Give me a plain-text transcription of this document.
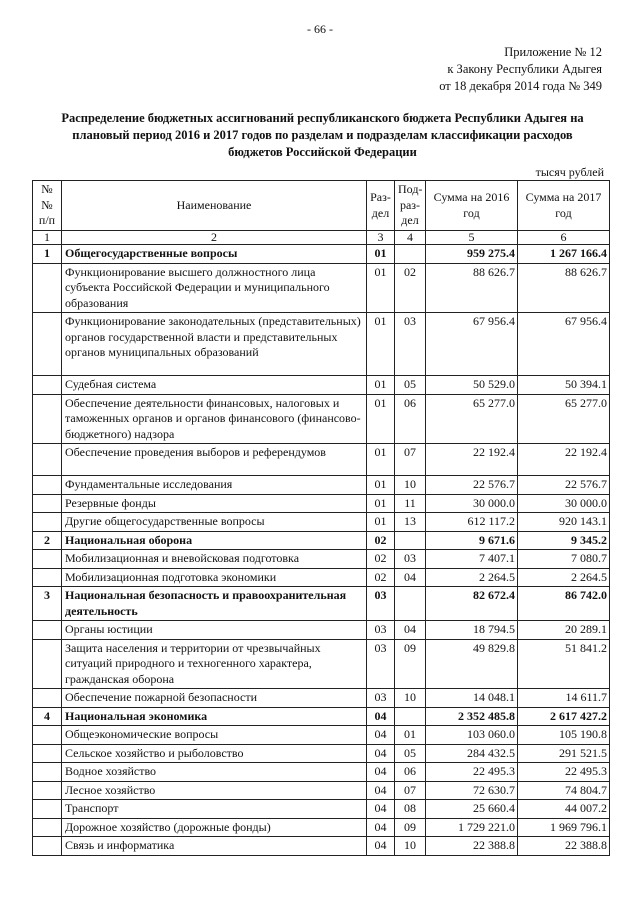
- 66 -
Приложение № 12
к Закону Республики Адыгея
от 18 декабря 2014 года № 349
Распределение бюджетных ассигнований республиканского бюджета Республики Адыгея на плановый период 2016 и 2017 годов по разделам и подразделам классификации расходов бюджетов Российской Федерации
тысяч рублей
№№ п/п	Наименование	Раз-дел	Под-раз-дел	Сумма на 2016 год	Сумма на 2017 год
1	2	3	4	5	6
1	Общегосударственные вопросы	01		959 275.4	1 267 166.4
	Функционирование высшего должностного лица субъекта Российской Федерации и муниципального образования	01	02	88 626.7	88 626.7
	Функционирование законодательных (представительных) органов государственной власти и представительных органов муниципальных образований	01	03	67 956.4	67 956.4
	Судебная система	01	05	50 529.0	50 394.1
	Обеспечение деятельности финансовых, налоговых и таможенных органов и органов финансового (финансово-бюджетного) надзора	01	06	65 277.0	65 277.0
	Обеспечение проведения выборов и референдумов	01	07	22 192.4	22 192.4
	Фундаментальные исследования	01	10	22 576.7	22 576.7
	Резервные фонды	01	11	30 000.0	30 000.0
	Другие общегосударственные вопросы	01	13	612 117.2	920 143.1
2	Национальная оборона	02		9 671.6	9 345.2
	Мобилизационная и вневойсковая подготовка	02	03	7 407.1	7 080.7
	Мобилизационная подготовка экономики	02	04	2 264.5	2 264.5
3	Национальная безопасность и правоохранительная деятельность	03		82 672.4	86 742.0
	Органы юстиции	03	04	18 794.5	20 289.1
	Защита населения и территории от чрезвычайных ситуаций природного и техногенного характера, гражданская оборона	03	09	49 829.8	51 841.2
	Обеспечение пожарной безопасности	03	10	14 048.1	14 611.7
4	Национальная экономика	04		2 352 485.8	2 617 427.2
	Общеэкономические вопросы	04	01	103 060.0	105 190.8
	Сельское хозяйство и рыболовство	04	05	284 432.5	291 521.5
	Водное хозяйство	04	06	22 495.3	22 495.3
	Лесное хозяйство	04	07	72 630.7	74 804.7
	Транспорт	04	08	25 660.4	44 007.2
	Дорожное хозяйство (дорожные фонды)	04	09	1 729 221.0	1 969 796.1
	Связь и информатика	04	10	22 388.8	22 388.8
